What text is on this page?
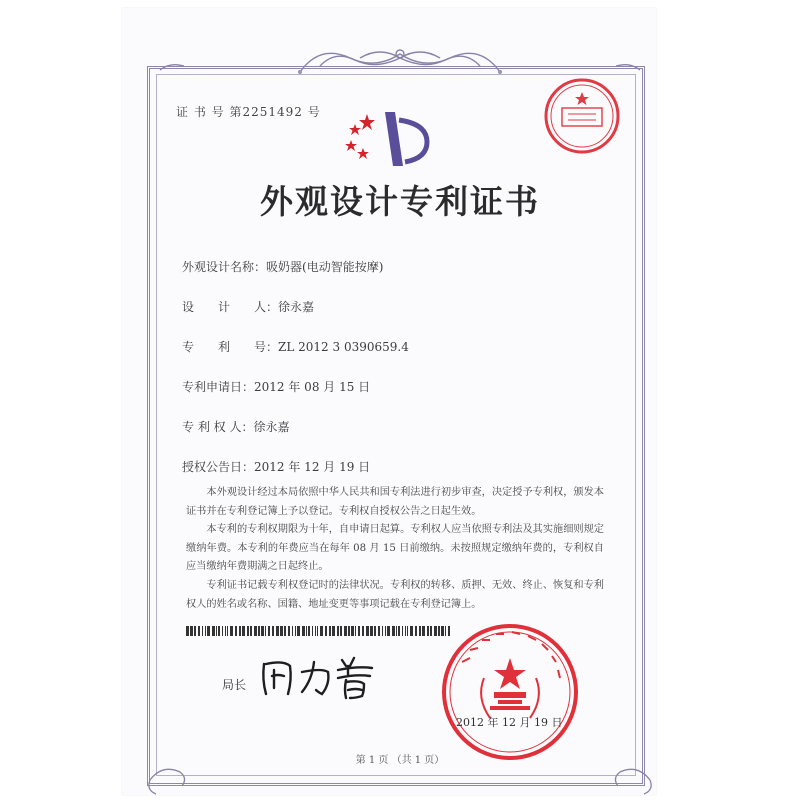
证 书 号 第2251492 号
外观设计专利证书
外观设计名称：吸奶器(电动智能按摩)
设　　计　　人：徐永嘉
专　　利　　号：ZL 2012 3 0390659.4
专利申请日：2012 年 08 月 15 日
专 利 权 人：徐永嘉
授权公告日：2012 年 12 月 19 日

本外观设计经过本局依照中华人民共和国专利法进行初步审查，决定授予专利权，颁发本证书并在专利登记簿上予以登记。专利权自授权公告之日起生效。

本专利的专利权期限为十年，自申请日起算。专利权人应当依照专利法及其实施细则规定缴纳年费。本专利的年费应当在每年 08 月 15 日前缴纳。未按照规定缴纳年费的，专利权自应当缴纳年费期满之日起终止。

专利证书记载专利权登记时的法律状况。专利权的转移、质押、无效、终止、恢复和专利权人的姓名或名称、国籍、地址变更等事项记载在专利登记簿上。

局长
2012 年 12 月 19 日
第 1 页 （共 1 页）
